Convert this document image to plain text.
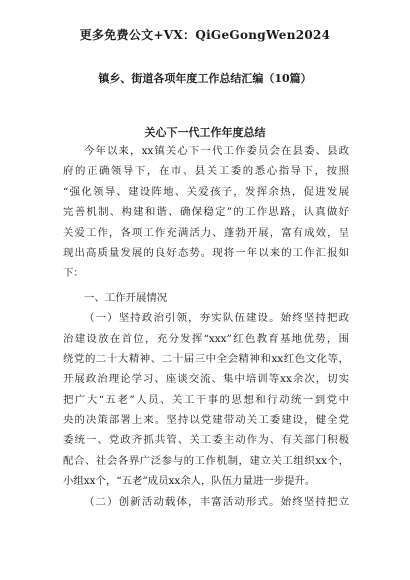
更多免费公文+VX：QiGeGongWen2024
镇乡、街道各项年度工作总结汇编（10篇）
关心下一代工作年度总结
今年以来，xx镇关心下一代工作委员会在县委、县政
府的正确领导下，在市、县关工委的悉心指导下，按照
“强化领导、建设阵地、关爱孩子，发挥余热，促进发展
完善机制、构建和谐、确保稳定”的工作思路，认真做好
关爱工作，各项工作充满活力、蓬勃开展，富有成效，呈
现出高质量发展的良好态势。现将一年以来的工作汇报如
下：
一、工作开展情况
（一）坚持政治引领，夯实队伍建设。始终坚持把政
治建设放在首位，充分发挥“xxx”红色教育基地优势，围
绕党的二十大精神、二十届三中全会精神和xx红色文化等，
开展政治理论学习、座谈交流、集中培训等xx余次，切实
把广大“五老”人员、关工干事的思想和行动统一到党中
央的决策部署上来。坚持以党建带动关工委建设，健全党
委统一、党政齐抓共管、关工委主动作为、有关部门积极
配合、社会各界广泛参与的工作机制，建立关工组织xx个，
小组xx个，“五老”成员xx余人，队伍力量进一步提升。
（二）创新活动载体，丰富活动形式。始终坚持把立
